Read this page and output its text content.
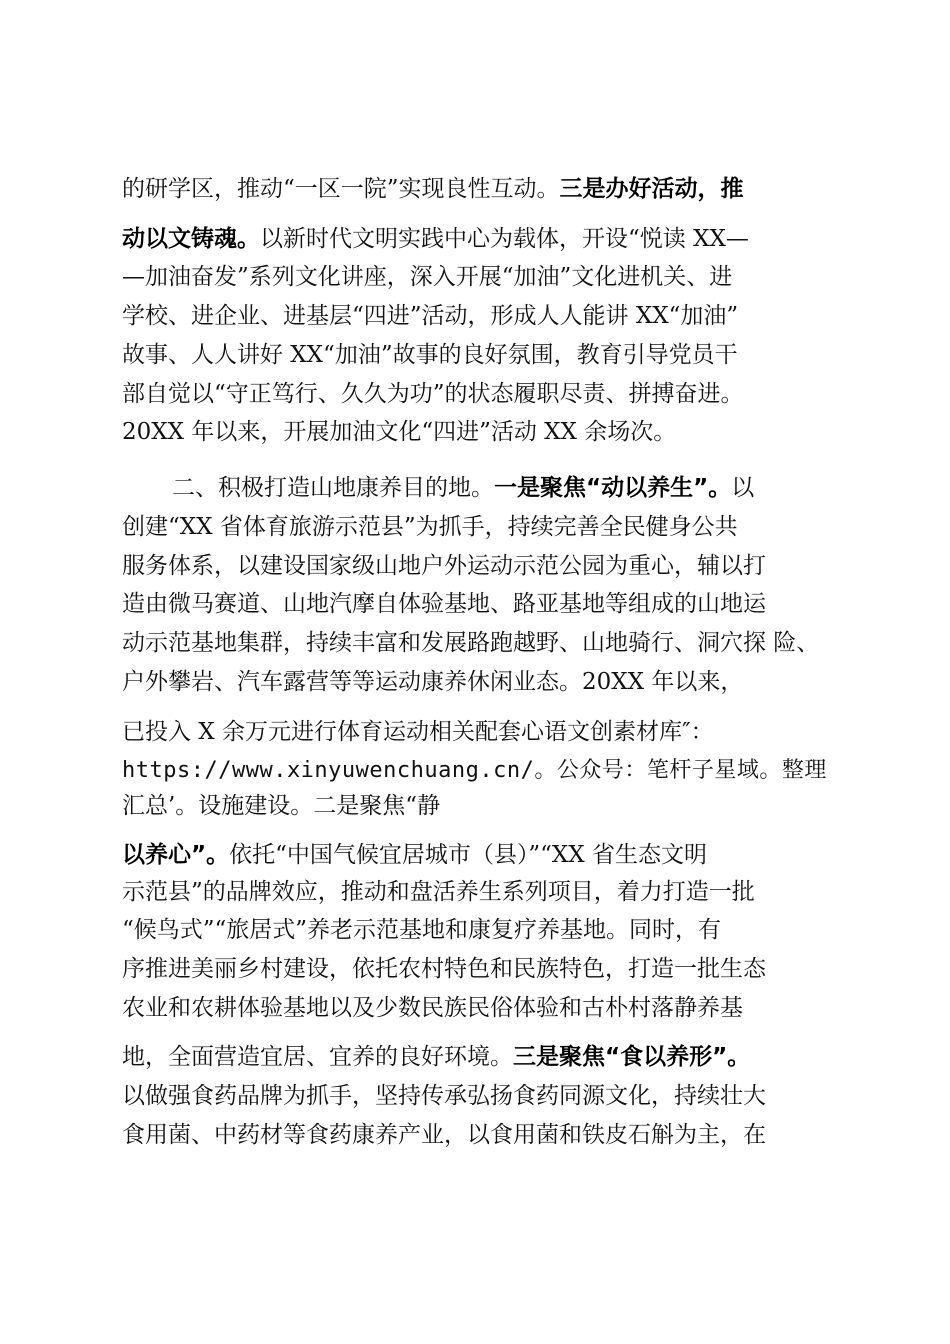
的研学区，推动“一区一院”实现良性互动。三是办好活动，推
动以文铸魂。以新时代文明实践中心为载体，开设“悦读 XX—
—加油奋发”系列文化讲座，深入开展“加油”文化进机关、进
学校、进企业、进基层“四进”活动，形成人人能讲 XX“加油”
故事、人人讲好 XX“加油”故事的良好氛围，教育引导党员干
部自觉以“守正笃行、久久为功”的状态履职尽责、拼搏奋进。
20XX 年以来，开展加油文化“四进”活动 XX 余场次。
二、积极打造山地康养目的地。一是聚焦“动以养生”。以
创建“XX 省体育旅游示范县”为抓手，持续完善全民健身公共
服务体系，以建设国家级山地户外运动示范公园为重心，辅以打
造由微马赛道、山地汽摩自体验基地、路亚基地等组成的山地运
动示范基地集群，持续丰富和发展路跑越野、山地骑行、洞穴探 险、
户外攀岩、汽车露营等等运动康养休闲业态。20XX 年以来，
已投入 X 余万元进行体育运动相关配套心语文创素材库″：
https://www.xinyuwenchuang.cn/。公众号：笔杆子星域。整理
汇总’。设施建设。二是聚焦“静
以养心”。依托“中国气候宜居城市（县）”“XX 省生态文明
示范县”的品牌效应，推动和盘活养生系列项目，着力打造一批
“候鸟式”“旅居式”养老示范基地和康复疗养基地。同时，有
序推进美丽乡村建设，依托农村特色和民族特色，打造一批生态
农业和农耕体验基地以及少数民族民俗体验和古朴村落静养基
地，全面营造宜居、宜养的良好环境。三是聚焦“食以养形”。
以做强食药品牌为抓手，坚持传承弘扬食药同源文化，持续壮大
食用菌、中药材等食药康养产业，以食用菌和铁皮石斛为主，在
